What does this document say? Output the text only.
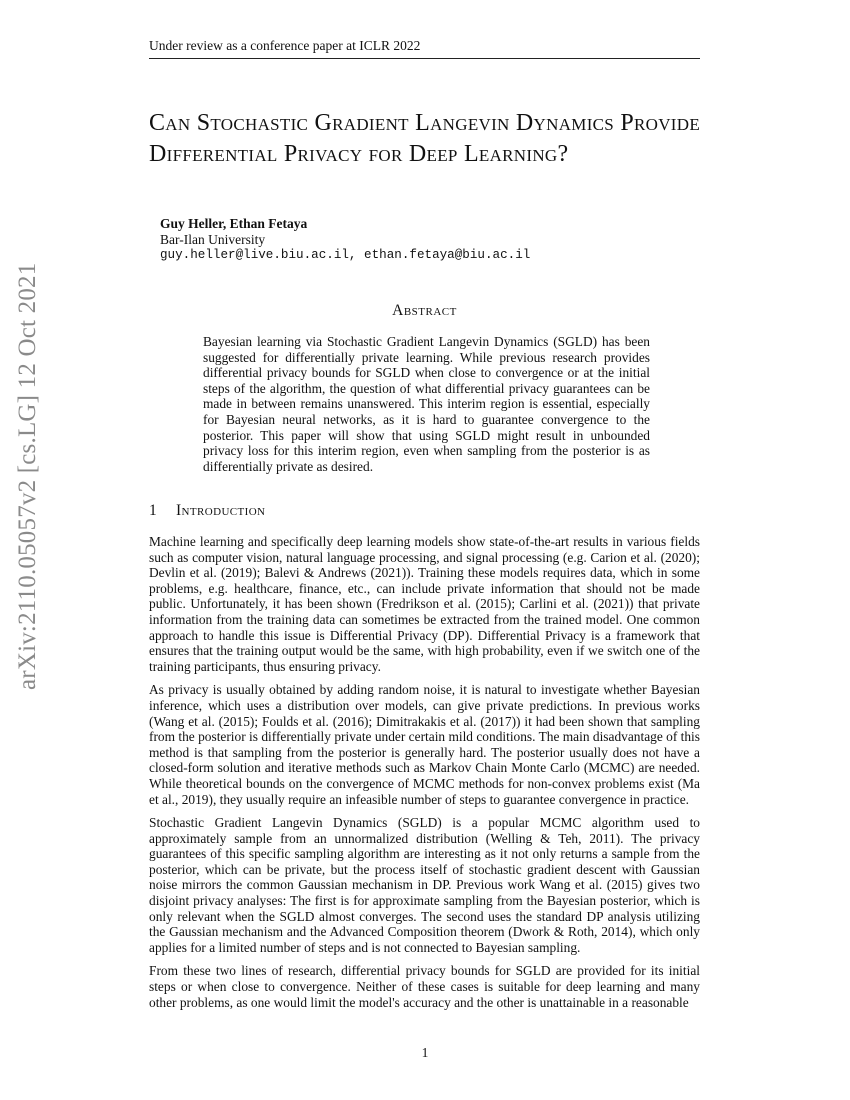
Under review as a conference paper at ICLR 2022
arXiv:2110.05057v2 [cs.LG] 12 Oct 2021
Can Stochastic Gradient Langevin Dynamics Provide Differential Privacy for Deep Learning?
Guy Heller, Ethan Fetaya
Bar-Ilan University
guy.heller@live.biu.ac.il, ethan.fetaya@biu.ac.il
Abstract
Bayesian learning via Stochastic Gradient Langevin Dynamics (SGLD) has been suggested for differentially private learning. While previous research provides differential privacy bounds for SGLD when close to convergence or at the initial steps of the algorithm, the question of what differential privacy guarantees can be made in between remains unanswered. This interim region is essential, especially for Bayesian neural networks, as it is hard to guarantee convergence to the posterior. This paper will show that using SGLD might result in unbounded privacy loss for this interim region, even when sampling from the posterior is as differentially private as desired.
1 Introduction

Machine learning and specifically deep learning models show state-of-the-art results in various fields such as computer vision, natural language processing, and signal processing (e.g. Carion et al. (2020); Devlin et al. (2019); Balevi & Andrews (2021)). Training these models requires data, which in some problems, e.g. healthcare, finance, etc., can include private information that should not be made public. Unfortunately, it has been shown (Fredrikson et al. (2015); Carlini et al. (2021)) that private information from the training data can sometimes be extracted from the trained model. One common approach to handle this issue is Differential Privacy (DP). Differential Privacy is a framework that ensures that the training output would be the same, with high probability, even if we switch one of the training participants, thus ensuring privacy.

As privacy is usually obtained by adding random noise, it is natural to investigate whether Bayesian inference, which uses a distribution over models, can give private predictions. In previous works (Wang et al. (2015); Foulds et al. (2016); Dimitrakakis et al. (2017)) it had been shown that sampling from the posterior is differentially private under certain mild conditions. The main disadvantage of this method is that sampling from the posterior is generally hard. The posterior usually does not have a closed-form solution and iterative methods such as Markov Chain Monte Carlo (MCMC) are needed. While theoretical bounds on the convergence of MCMC methods for non-convex problems exist (Ma et al., 2019), they usually require an infeasible number of steps to guarantee convergence in practice.

Stochastic Gradient Langevin Dynamics (SGLD) is a popular MCMC algorithm used to approximately sample from an unnormalized distribution (Welling & Teh, 2011). The privacy guarantees of this specific sampling algorithm are interesting as it not only returns a sample from the posterior, which can be private, but the process itself of stochastic gradient descent with Gaussian noise mirrors the common Gaussian mechanism in DP. Previous work Wang et al. (2015) gives two disjoint privacy analyses: The first is for approximate sampling from the Bayesian posterior, which is only relevant when the SGLD almost converges. The second uses the standard DP analysis utilizing the Gaussian mechanism and the Advanced Composition theorem (Dwork & Roth, 2014), which only applies for a limited number of steps and is not connected to Bayesian sampling.

From these two lines of research, differential privacy bounds for SGLD are provided for its initial steps or when close to convergence. Neither of these cases is suitable for deep learning and many other problems, as one would limit the model's accuracy and the other is unattainable in a reasonable

1
